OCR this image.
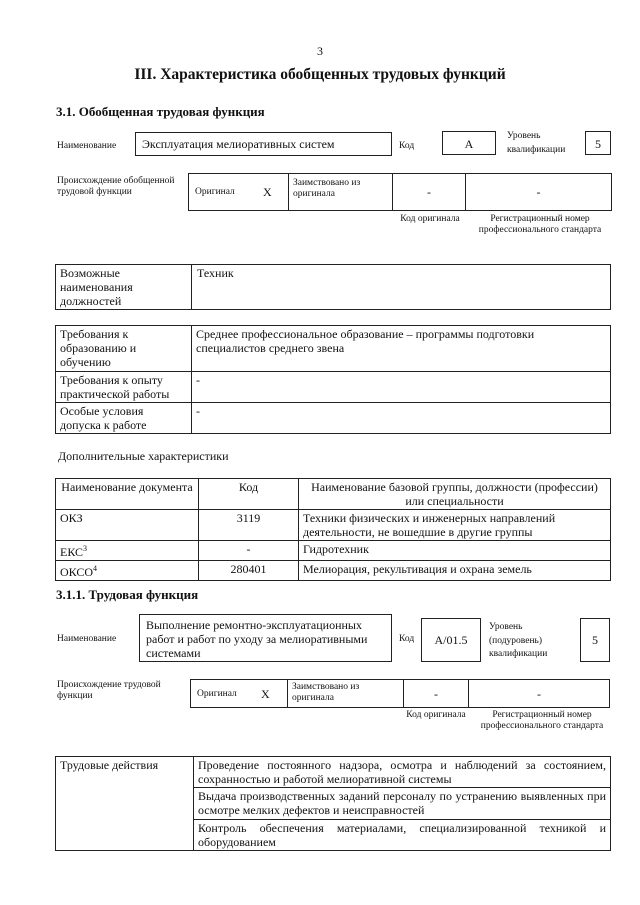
3
III. Характеристика обобщенных трудовых функций
3.1. Обобщенная трудовая функция
Наименование	Эксплуатация мелиоративных систем	Код	A
Уровень
квалификации	5
Происхождение обобщенной трудовой функции	Оригинал X
Заимствовано из оригинала	-	-
Код оригинала	Регистрационный номер профессионального стандарта
Возможные наименования должностей
Техник
Требования к образованию и обучению	Среднее профессиональное образование – программы подготовки специалистов среднего звена
Требования к опыту практической работы	-
Особые условия допуска к работе	-
Дополнительные характеристики
Наименование документа	Код	Наименование базовой группы, должности (профессии) или специальности
ОКЗ	3119	Техники физических и инженерных направлений деятельности, не вошедшие в другие группы
ЕКС$^3$	-	Гидротехник
ОКСО$^4$	280401	Мелиорация, рекультивация и охрана земель
3.1.1. Трудовая функция
Наименование
Выполнение ремонтно-эксплуатационных работ и работ по уходу за мелиоративными системами
Код	A/01.5
Уровень
(подуровень)
квалификации
5
Происхождение трудовой функции	Оригинал X Заимствовано из оригинала	-	-
Код оригинала	Регистрационный номер профессионального стандарта
Трудовые действия	Проведение постоянного надзора, осмотра и наблюдений за состоянием, сохранностью и работой мелиоративной системы
Выдача производственных заданий персоналу по устранению выявленных при осмотре мелких дефектов и неисправностей
Контроль обеспечения материалами, специализированной техникой и оборудованием
